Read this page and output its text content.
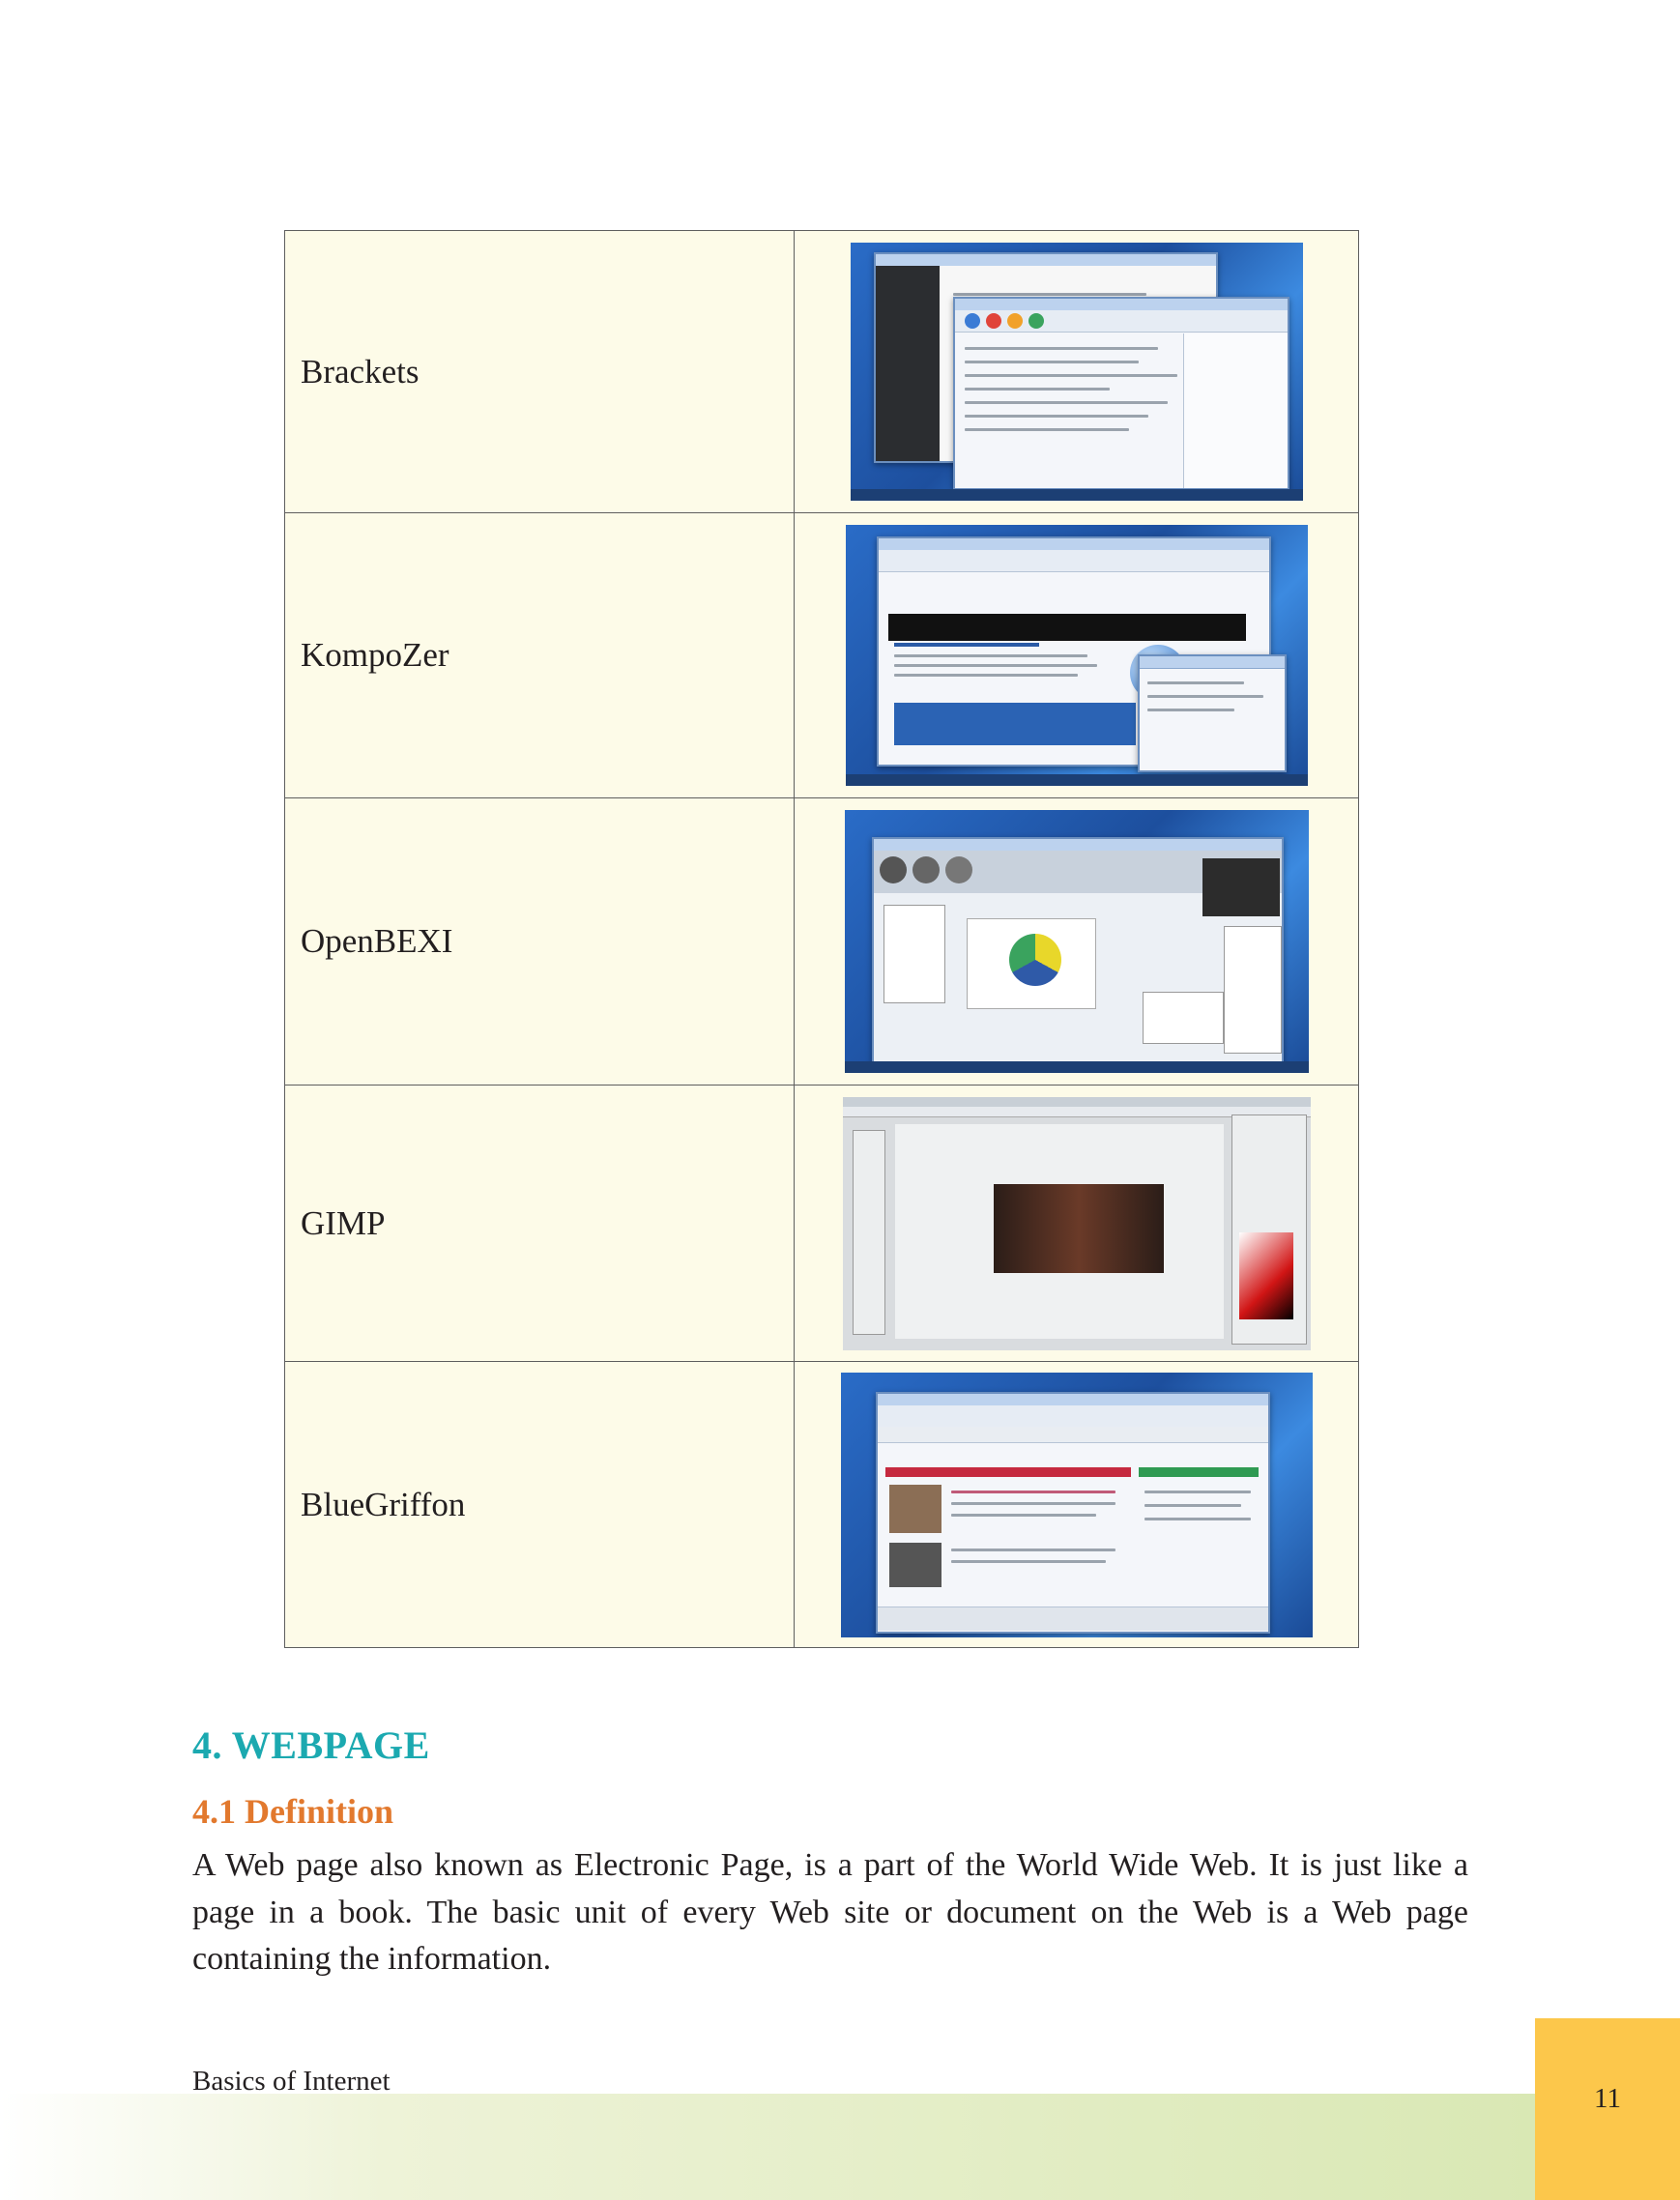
Brackets	

KompoZer	

OpenBEXI	

GIMP	

BlueGriffon	
4. WEBPAGE
4.1 Definition

A Web page also known as Electronic Page, is a part of the World Wide Web. It is just like a page in a book. The basic unit of every Web site or document on the Web is a Web page containing the information.

Basics of Internet
11
